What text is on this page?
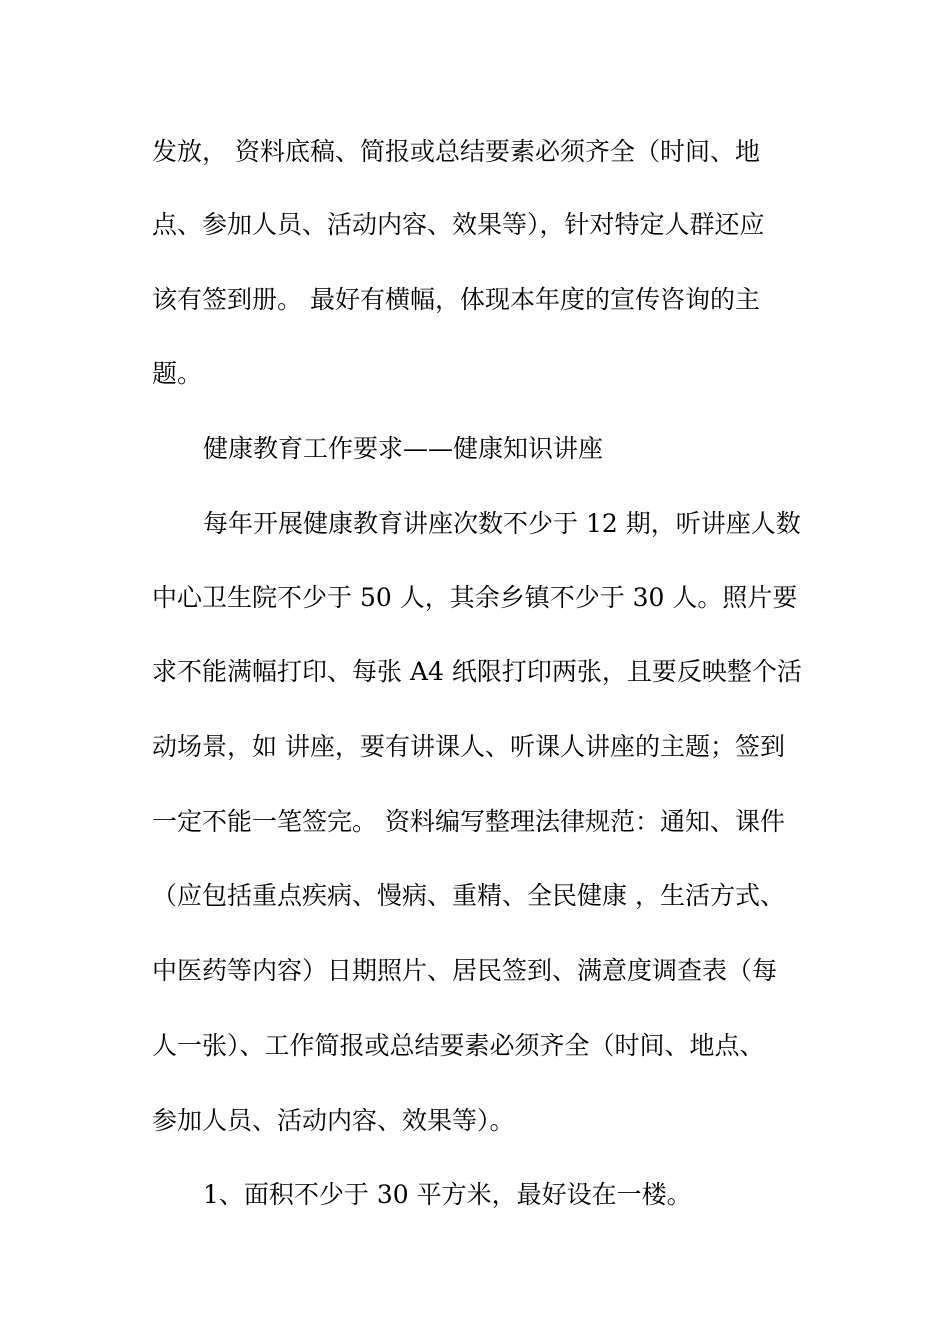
发放， 资料底稿、简报或总结要素必须齐全（时间、地
点、参加人员、活动内容、效果等），针对特定人群还应
该有签到册。 最好有横幅，体现本年度的宣传咨询的主
题。
健康教育工作要求——健康知识讲座
每年开展健康教育讲座次数不少于 12 期，听讲座人数
中心卫生院不少于 50 人，其余乡镇不少于 30 人。照片要
求不能满幅打印、每张 A4 纸限打印两张，且要反映整个活
动场景，如 讲座，要有讲课人、听课人讲座的主题；签到
一定不能一笔签完。 资料编写整理法律规范：通知、课件
（应包括重点疾病、慢病、重精、全民健康 ，生活方式、
中医药等内容）日期照片、居民签到、满意度调查表（每
人一张）、工作简报或总结要素必须齐全（时间、地点、
参加人员、活动内容、效果等）。
1、面积不少于 30 平方米，最好设在一楼。
